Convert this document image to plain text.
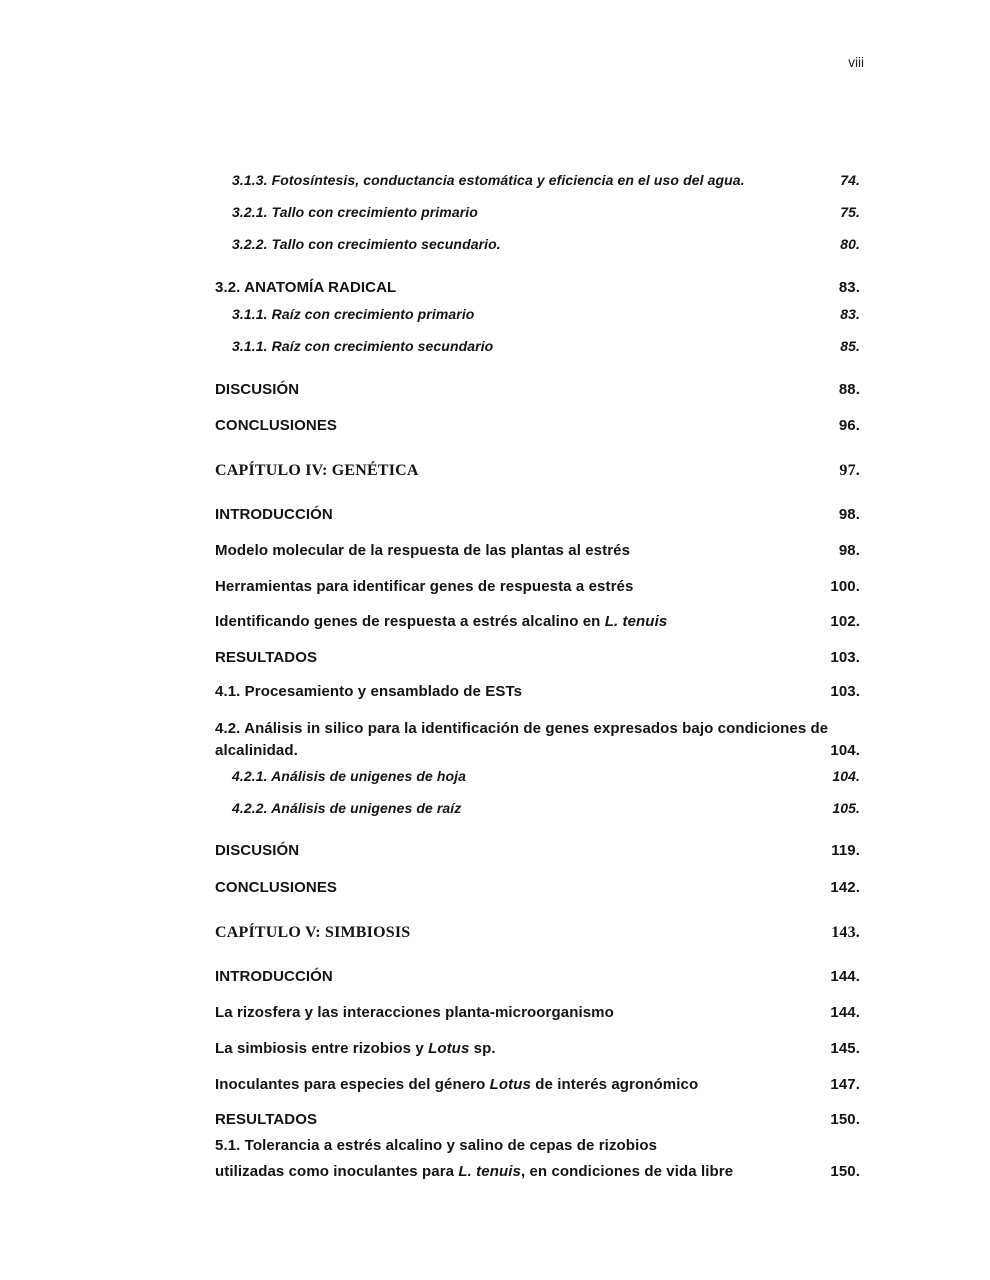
viii
3.1.3. Fotosíntesis, conductancia estomática y eficiencia en el uso del agua.	74.
3.2.1. Tallo con crecimiento primario	75.
3.2.2. Tallo con crecimiento secundario.	80.
3.2. ANATOMÍA RADICAL	83.
3.1.1. Raíz con crecimiento primario	83.
3.1.1. Raíz con crecimiento secundario	85.
DISCUSIÓN	88.
CONCLUSIONES	96.
CAPÍTULO IV: GENÉTICA	97.
INTRODUCCIÓN	98.
Modelo molecular de la respuesta de las plantas al estrés	98.
Herramientas para identificar genes de respuesta a estrés	100.
Identificando genes de respuesta a estrés alcalino en L. tenuis	102.
RESULTADOS	103.
4.1. Procesamiento y ensamblado de ESTs	103.
4.2. Análisis in silico para la identificación de genes expresados bajo condiciones de
alcalinidad.	104.
4.2.1. Análisis de unigenes de hoja	104.
4.2.2. Análisis de unigenes de raíz	105.
DISCUSIÓN	119.
CONCLUSIONES	142.
CAPÍTULO V: SIMBIOSIS	143.
INTRODUCCIÓN	144.
La rizosfera y las interacciones planta-microorganismo	144.
La simbiosis entre rizobios y Lotus sp.	145.
Inoculantes para especies del género Lotus de interés agronómico	147.
RESULTADOS	150.
5.1. Tolerancia a estrés alcalino y salino de cepas de rizobios
utilizadas como inoculantes para L. tenuis, en condiciones de vida libre	150.
